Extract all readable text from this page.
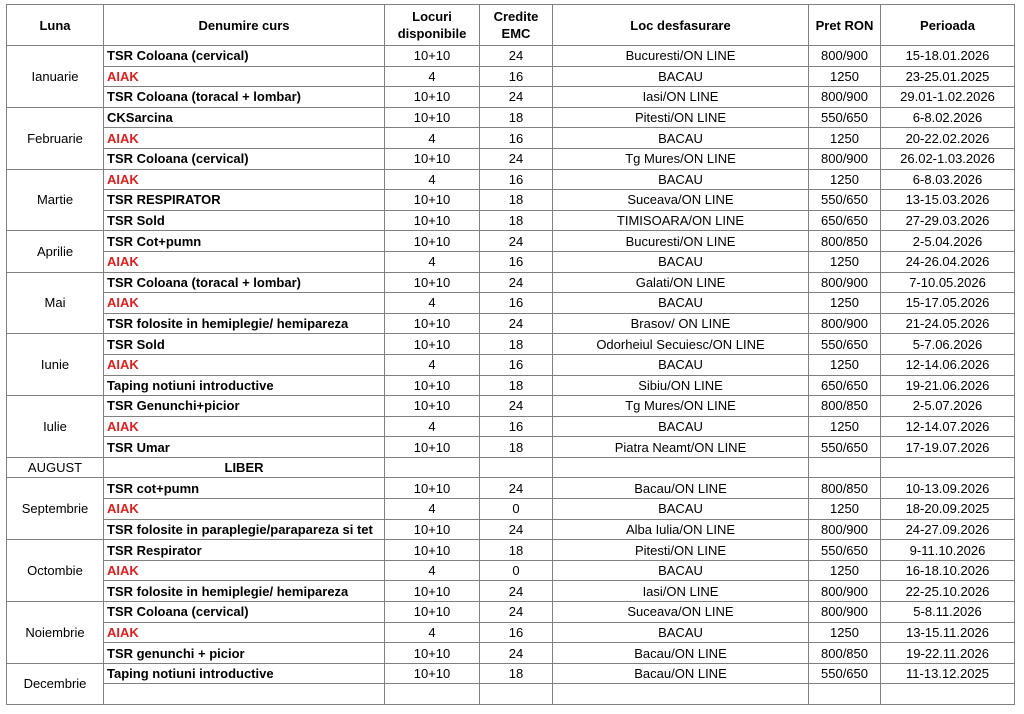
Luna	Denumire curs	Locuri disponibile	Credite EMC	Loc desfasurare	Pret RON	Perioada
Ianuarie	TSR Coloana (cervical)	10+10	24	Bucuresti/ON LINE	800/900	15-18.01.2026
	AIAK	4	16	BACAU	1250	23-25.01.2025
	TSR Coloana (toracal + lombar)	10+10	24	Iasi/ON LINE	800/900	29.01-1.02.2026
Februarie	CKSarcina	10+10	18	Pitesti/ON LINE	550/650	6-8.02.2026
	AIAK	4	16	BACAU	1250	20-22.02.2026
	TSR Coloana (cervical)	10+10	24	Tg Mures/ON LINE	800/900	26.02-1.03.2026
Martie	AIAK	4	16	BACAU	1250	6-8.03.2026
	TSR RESPIRATOR	10+10	18	Suceava/ON LINE	550/650	13-15.03.2026
	TSR Sold	10+10	18	TIMISOARA/ON LINE	650/650	27-29.03.2026
Aprilie	TSR Cot+pumn	10+10	24	Bucuresti/ON LINE	800/850	2-5.04.2026
	AIAK	4	16	BACAU	1250	24-26.04.2026
Mai	TSR Coloana (toracal + lombar)	10+10	24	Galati/ON LINE	800/900	7-10.05.2026
	AIAK	4	16	BACAU	1250	15-17.05.2026
	TSR folosite in hemiplegie/ hemipareza	10+10	24	Brasov/ ON LINE	800/900	21-24.05.2026
Iunie	TSR Sold	10+10	18	Odorheiul Secuiesc/ON LINE	550/650	5-7.06.2026
	AIAK	4	16	BACAU	1250	12-14.06.2026
	Taping notiuni introductive	10+10	18	Sibiu/ON LINE	650/650	19-21.06.2026
Iulie	TSR Genunchi+picior	10+10	24	Tg Mures/ON LINE	800/850	2-5.07.2026
	AIAK	4	16	BACAU	1250	12-14.07.2026
	TSR Umar	10+10	18	Piatra Neamt/ON LINE	550/650	17-19.07.2026
AUGUST	LIBER					
Septembrie	TSR cot+pumn	10+10	24	Bacau/ON LINE	800/850	10-13.09.2026
	AIAK	4	0	BACAU	1250	18-20.09.2025
	TSR folosite in paraplegie/parapareza si tet	10+10	24	Alba Iulia/ON LINE	800/900	24-27.09.2026
Octombie	TSR Respirator	10+10	18	Pitesti/ON LINE	550/650	9-11.10.2026
	AIAK	4	0	BACAU	1250	16-18.10.2026
	TSR folosite in hemiplegie/ hemipareza	10+10	24	Iasi/ON LINE	800/900	22-25.10.2026
Noiembrie	TSR Coloana (cervical)	10+10	24	Suceava/ON LINE	800/900	5-8.11.2026
	AIAK	4	16	BACAU	1250	13-15.11.2026
	TSR genunchi + picior	10+10	24	Bacau/ON LINE	800/850	19-22.11.2026
Decembrie	Taping notiuni introductive	10+10	18	Bacau/ON LINE	550/650	11-13.12.2025
